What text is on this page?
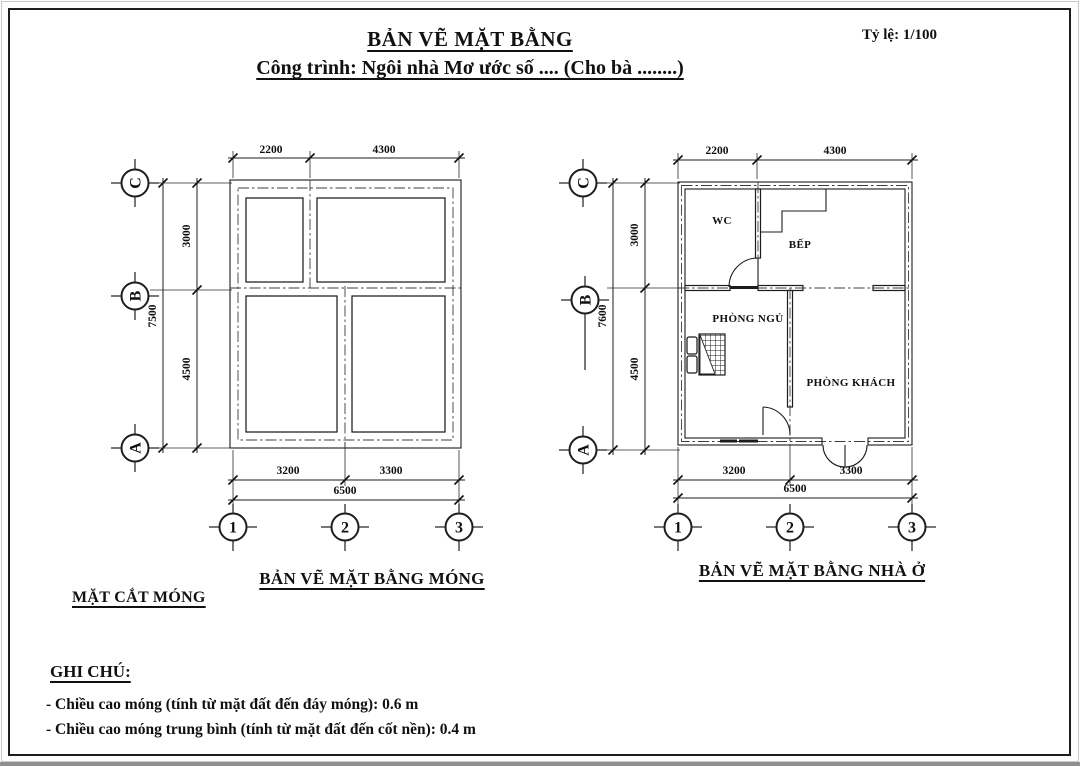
2200	4300
7500
3000
4500
3200	3300
6500
C
B
A
1	2	3
WC
BẾP
PHÒNG NGỦ
PHÒNG KHÁCH
2200	4300
7600
3000
4500
3200	3300
6500
C
B
A
1	2	3
BẢN VẼ MẶT BẰNG
Công trình: Ngôi nhà Mơ ước số .... (Cho bà ........)
Tỷ lệ: 1/100
BẢN VẼ MẶT BẰNG MÓNG	BẢN VẼ MẶT BẰNG NHÀ Ở
MẶT CẮT MÓNG
GHI CHÚ:
- Chiều cao móng (tính từ mặt đất đến đáy móng): 0.6 m
- Chiều cao móng trung bình (tính từ mặt đất đến cốt nền): 0.4 m
